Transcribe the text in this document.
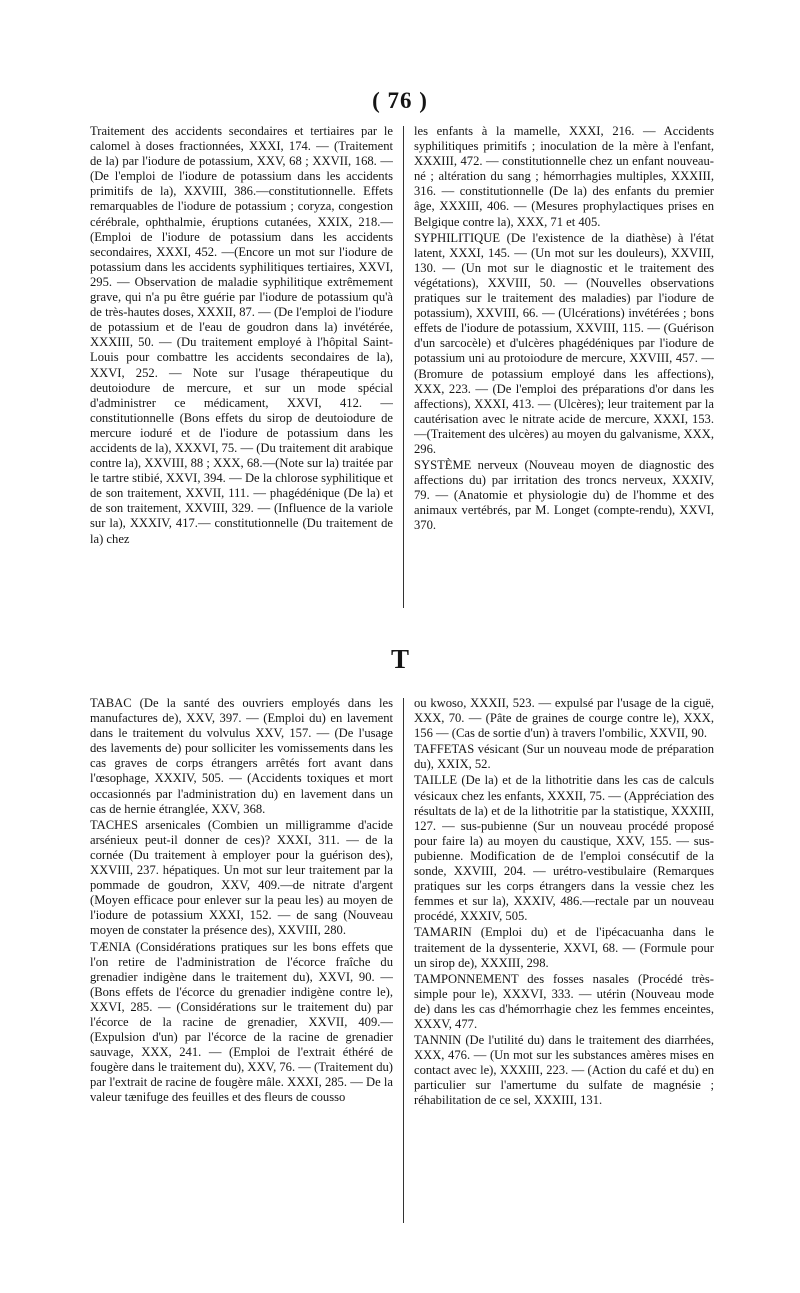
( 76 )

Traitement des accidents secondaires et tertiaires par le calomel à doses fractionnées, XXXI, 174. — (Traitement de la) par l'iodure de potassium, XXV, 68 ; XXVII, 168. — (De l'emploi de l'iodure de potassium dans les accidents primitifs de la), XXVIII, 386.—constitutionnelle. Effets remarquables de l'iodure de potassium ; coryza, congestion cérébrale, ophthalmie, éruptions cutanées, XXIX, 218.— (Emploi de l'iodure de potassium dans les accidents secondaires, XXXI, 452. —(Encore un mot sur l'iodure de potassium dans les accidents syphilitiques tertiaires, XXVI, 295. — Observation de maladie syphilitique extrêmement grave, qui n'a pu être guérie par l'iodure de potassium qu'à de très-hautes doses, XXXII, 87. — (De l'emploi de l'iodure de potassium et de l'eau de goudron dans la) invétérée, XXXIII, 50. — (Du traitement employé à l'hôpital Saint-Louis pour combattre les accidents secondaires de la), XXVI, 252. — Note sur l'usage thérapeutique du deutoiodure de mercure, et sur un mode spécial d'administrer ce médicament, XXVI, 412. — constitutionnelle (Bons effets du sirop de deutoiodure de mercure ioduré et de l'iodure de potassium dans les accidents de la), XXXVI, 75. — (Du traitement dit arabique contre la), XXVIII, 88 ; XXX, 68.—(Note sur la) traitée par le tartre stibié, XXVI, 394. — De la chlorose syphilitique et de son traitement, XXVII, 111. — phagédénique (De la) et de son traitement, XXVIII, 329. — (Influence de la variole sur la), XXXIV, 417.— constitutionnelle (Du traitement de la) chez

les enfants à la mamelle, XXXI, 216. — Accidents syphilitiques primitifs ; inoculation de la mère à l'enfant, XXXIII, 472. — constitutionnelle chez un enfant nouveau-né ; altération du sang ; hémorrhagies multiples, XXXIII, 316. — constitutionnelle (De la) des enfants du premier âge, XXXIII, 406. — (Mesures prophylactiques prises en Belgique contre la), XXX, 71 et 405.

SYPHILITIQUE (De l'existence de la diathèse) à l'état latent, XXXI, 145. — (Un mot sur les douleurs), XXVIII, 130. — (Un mot sur le diagnostic et le traitement des végétations), XXVIII, 50. — (Nouvelles observations pratiques sur le traitement des maladies) par l'iodure de potassium), XXVIII, 66. — (Ulcérations) invétérées ; bons effets de l'iodure de potassium, XXVIII, 115. — (Guérison d'un sarcocèle) et d'ulcères phagédéniques par l'iodure de potassium uni au protoiodure de mercure, XXVIII, 457. — (Bromure de potassium employé dans les affections), XXX, 223. — (De l'emploi des préparations d'or dans les affections), XXXI, 413. — (Ulcères); leur traitement par la cautérisation avec le nitrate acide de mercure, XXXI, 153.—(Traitement des ulcères) au moyen du galvanisme, XXX, 296.

SYSTÈME nerveux (Nouveau moyen de diagnostic des affections du) par irritation des troncs nerveux, XXXIV, 79. — (Anatomie et physiologie du) de l'homme et des animaux vertébrés, par M. Longet (compte-rendu), XXVI, 370.

T

TABAC (De la santé des ouvriers employés dans les manufactures de), XXV, 397. — (Emploi du) en lavement dans le traitement du volvulus XXV, 157. — (De l'usage des lavements de) pour solliciter les vomissements dans les cas graves de corps étrangers arrêtés fort avant dans l'œsophage, XXXIV, 505. — (Accidents toxiques et mort occasionnés par l'administration du) en lavement dans un cas de hernie étranglée, XXV, 368.

TACHES arsenicales (Combien un milligramme d'acide arsénieux peut-il donner de ces)? XXXI, 311. — de la cornée (Du traitement à employer pour la guérison des), XXVIII, 237. hépatiques. Un mot sur leur traitement par la pommade de goudron, XXV, 409.—de nitrate d'argent (Moyen efficace pour enlever sur la peau les) au moyen de l'iodure de potassium XXXI, 152. — de sang (Nouveau moyen de constater la présence des), XXVIII, 280.

TÆNIA (Considérations pratiques sur les bons effets que l'on retire de l'administration de l'écorce fraîche du grenadier indigène dans le traitement du), XXVI, 90. — (Bons effets de l'écorce du grenadier indigène contre le), XXVI, 285. — (Considérations sur le traitement du) par l'écorce de la racine de grenadier, XXVII, 409.— (Expulsion d'un) par l'écorce de la racine de grenadier sauvage, XXX, 241. — (Emploi de l'extrait éthéré de fougère dans le traitement du), XXV, 76. — (Traitement du) par l'extrait de racine de fougère mâle. XXXI, 285. — De la valeur tænifuge des feuilles et des fleurs de cousso

ou kwoso, XXXII, 523. — expulsé par l'usage de la ciguë, XXX, 70. — (Pâte de graines de courge contre le), XXX, 156 — (Cas de sortie d'un) à travers l'ombilic, XXVII, 90.

TAFFETAS vésicant (Sur un nouveau mode de préparation du), XXIX, 52.

TAILLE (De la) et de la lithotritie dans les cas de calculs vésicaux chez les enfants, XXXII, 75. — (Appréciation des résultats de la) et de la lithotritie par la statistique, XXXIII, 127. — sus-pubienne (Sur un nouveau procédé proposé pour faire la) au moyen du caustique, XXV, 155. — sus-pubienne. Modification de de l'emploi consécutif de la sonde, XXVIII, 204. — urétro-vestibulaire (Remarques pratiques sur les corps étrangers dans la vessie chez les femmes et sur la), XXXIV, 486.—rectale par un nouveau procédé, XXXIV, 505.

TAMARIN (Emploi du) et de l'ipécacuanha dans le traitement de la dyssenterie, XXVI, 68. — (Formule pour un sirop de), XXXIII, 298.

TAMPONNEMENT des fosses nasales (Procédé très-simple pour le), XXXVI, 333. — utérin (Nouveau mode de) dans les cas d'hémorrhagie chez les femmes enceintes, XXXV, 477.

TANNIN (De l'utilité du) dans le traitement des diarrhées, XXX, 476. — (Un mot sur les substances amères mises en contact avec le), XXXIII, 223. — (Action du café et du) en particulier sur l'amertume du sulfate de magnésie ; réhabilitation de ce sel, XXXIII, 131.
